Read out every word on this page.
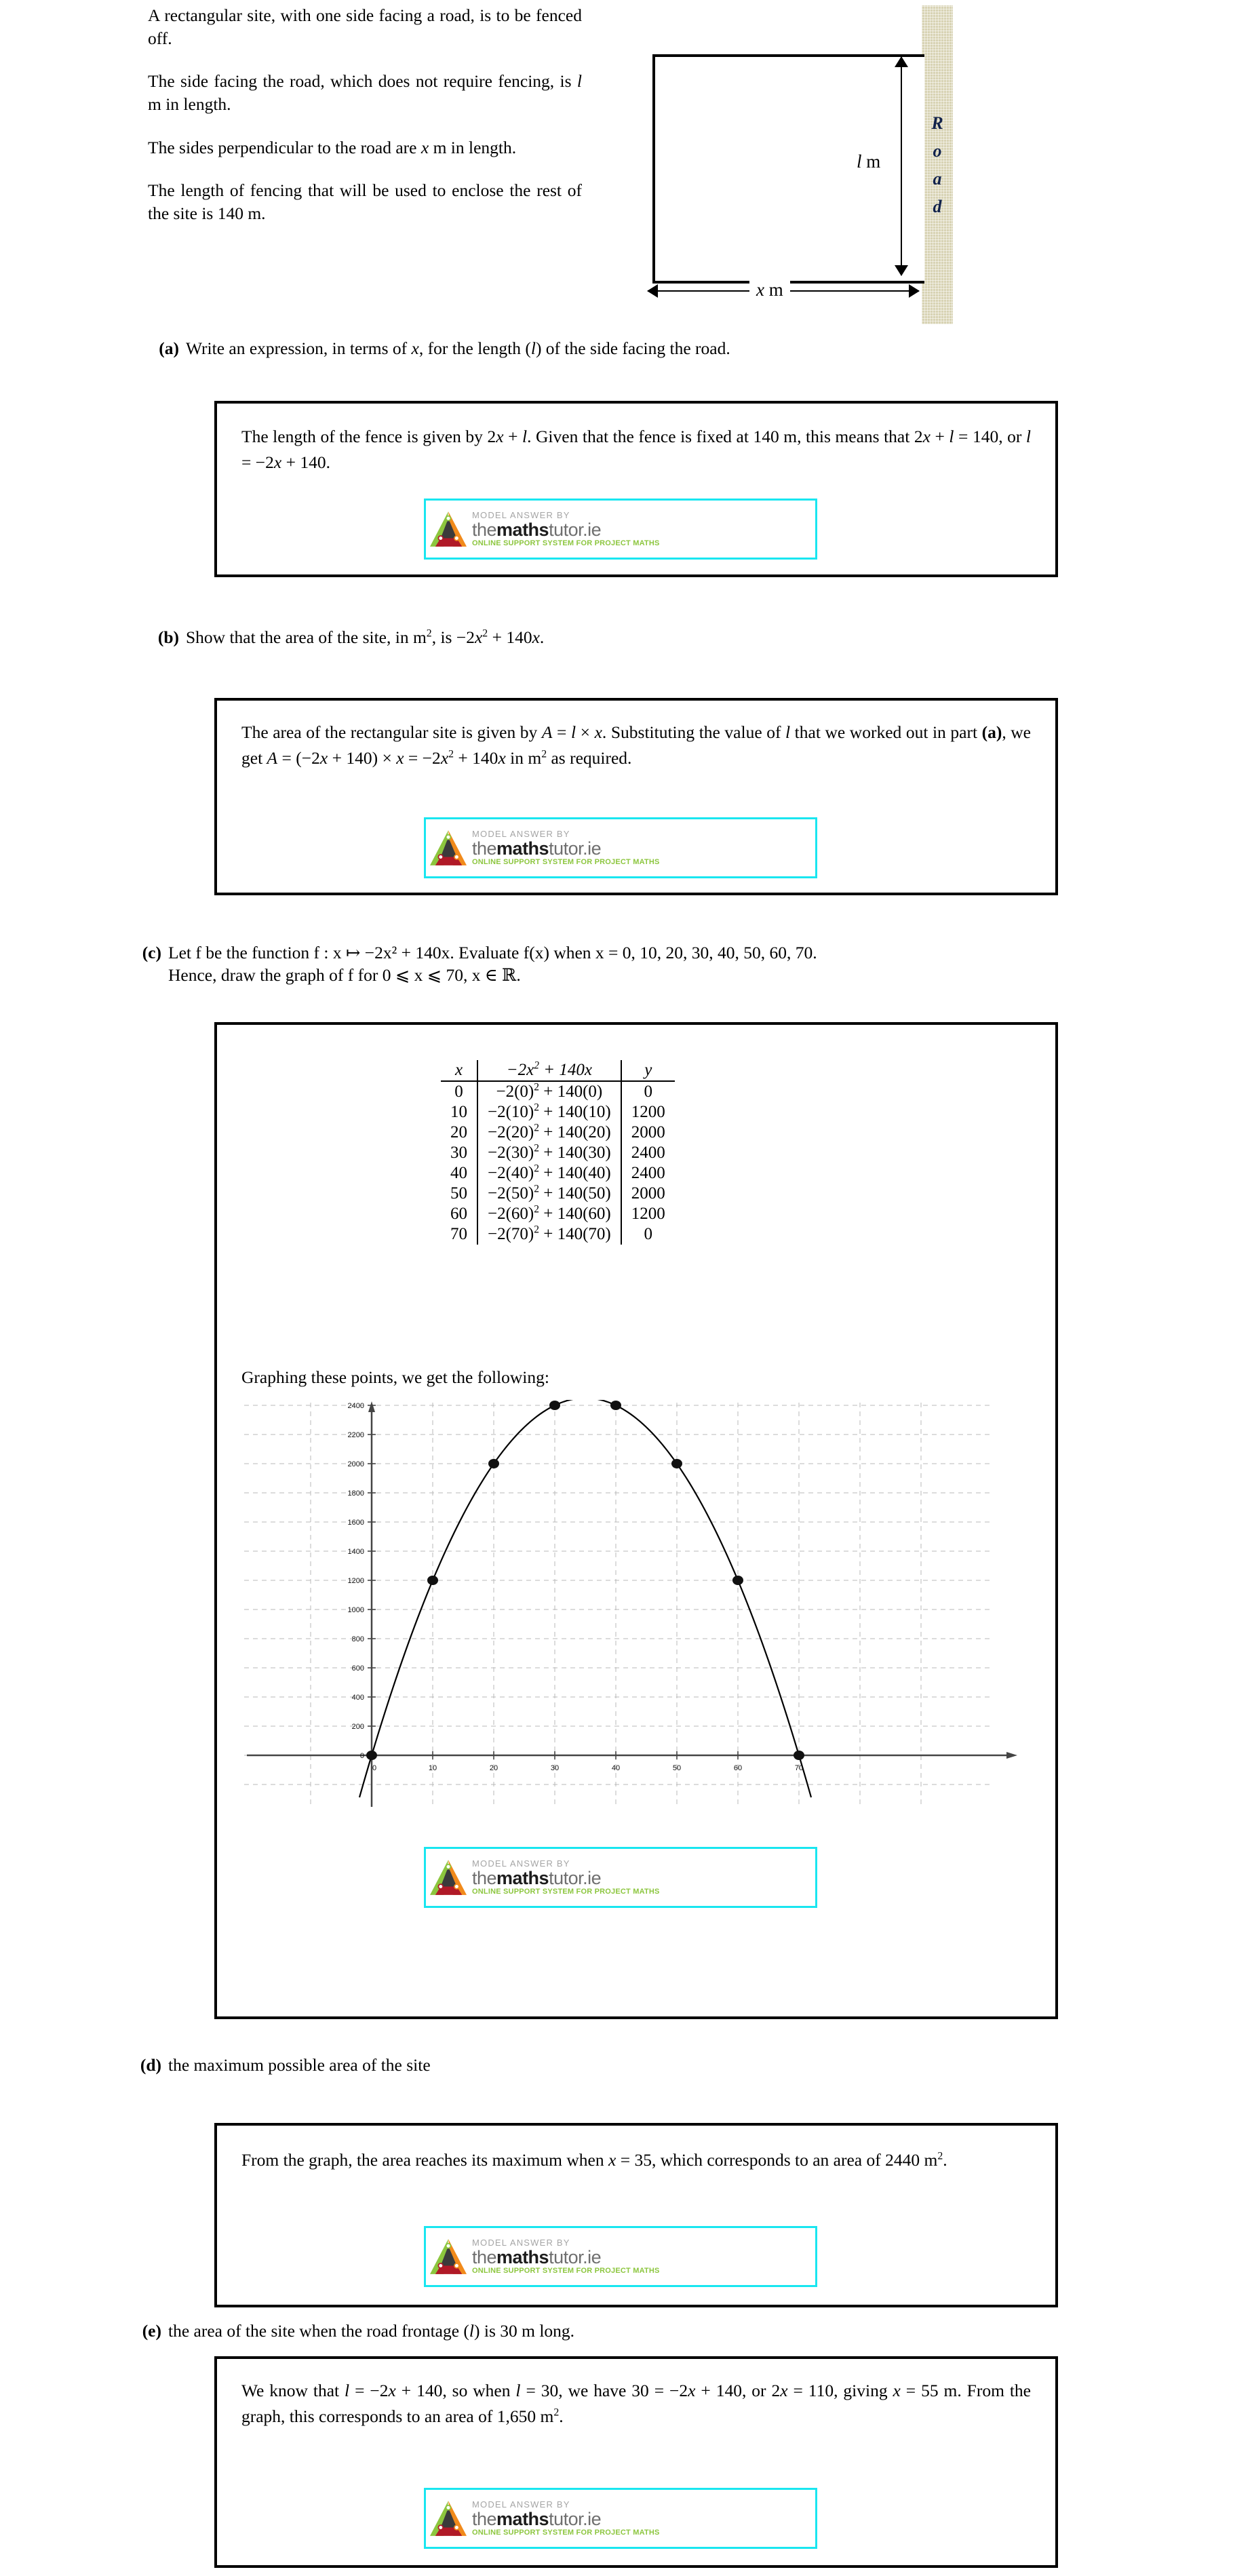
A rectangular site, with one side facing a road, is to be fenced off.

The side facing the road, which does not require fencing, is l m in length.

The sides perpendicular to the road are x m in length.

The length of fencing that will be used to enclose the rest of the site is 140 m.

R
o
a
d
l m
x m
(a) Write an expression, in terms of x, for the length (l) of the side facing the road.
The length of the fence is given by 2x + l. Given that the fence is fixed at 140 m, this means that 2x + l = 140, or l = −2x + 140.
MODEL ANSWER BY
themathstutor.ie
ONLINE SUPPORT SYSTEM FOR PROJECT MATHS
(b) Show that the area of the site, in $m^2$, is $-2x^2 + 140x$.
The area of the rectangular site is given by A = l × x. Substituting the value of l that we worked out in part (a), we get $A = (-2x + 140) \times x = -2x^2 + 140x$ in $m^2$ as required.
MODEL ANSWER BY
themathstutor.ie
ONLINE SUPPORT SYSTEM FOR PROJECT MATHS
(c) Let f be the function f : x ↦ −2x² + 140x. Evaluate f(x) when x = 0, 10, 20, 30, 40, 50, 60, 70.
Hence, draw the graph of f for 0 ⩽ x ⩽ 70, x ∈ ℝ.
x	$-2x^2 + 140x$	y
0	$-2(0)^2 + 140(0)$	0
10	$-2(10)^2 + 140(10)$	1200
20	$-2(20)^2 + 140(20)$	2000
30	$-2(30)^2 + 140(30)$	2400
40	$-2(40)^2 + 140(40)$	2400
50	$-2(50)^2 + 140(50)$	2000
60	$-2(60)^2 + 140(60)$	1200
70	$-2(70)^2 + 140(70)$	0
Graphing these points, we get the following:
0
200
400
600
800
1000
1200
1400
1600
1800
2000
2200
2400
0	10	20	30	40	50	60	70
MODEL ANSWER BY
themathstutor.ie
ONLINE SUPPORT SYSTEM FOR PROJECT MATHS
(d) the maximum possible area of the site
From the graph, the area reaches its maximum when x = 35, which corresponds to an area of 2440 $m^2$.
MODEL ANSWER BY
themathstutor.ie
ONLINE SUPPORT SYSTEM FOR PROJECT MATHS
(e) the area of the site when the road frontage (l) is 30 m long.
We know that l = −2x + 140, so when l = 30, we have 30 = −2x + 140, or 2x = 110, giving x = 55 m. From the graph, this corresponds to an area of 1,650 $m^2$.
MODEL ANSWER BY
themathstutor.ie
ONLINE SUPPORT SYSTEM FOR PROJECT MATHS
